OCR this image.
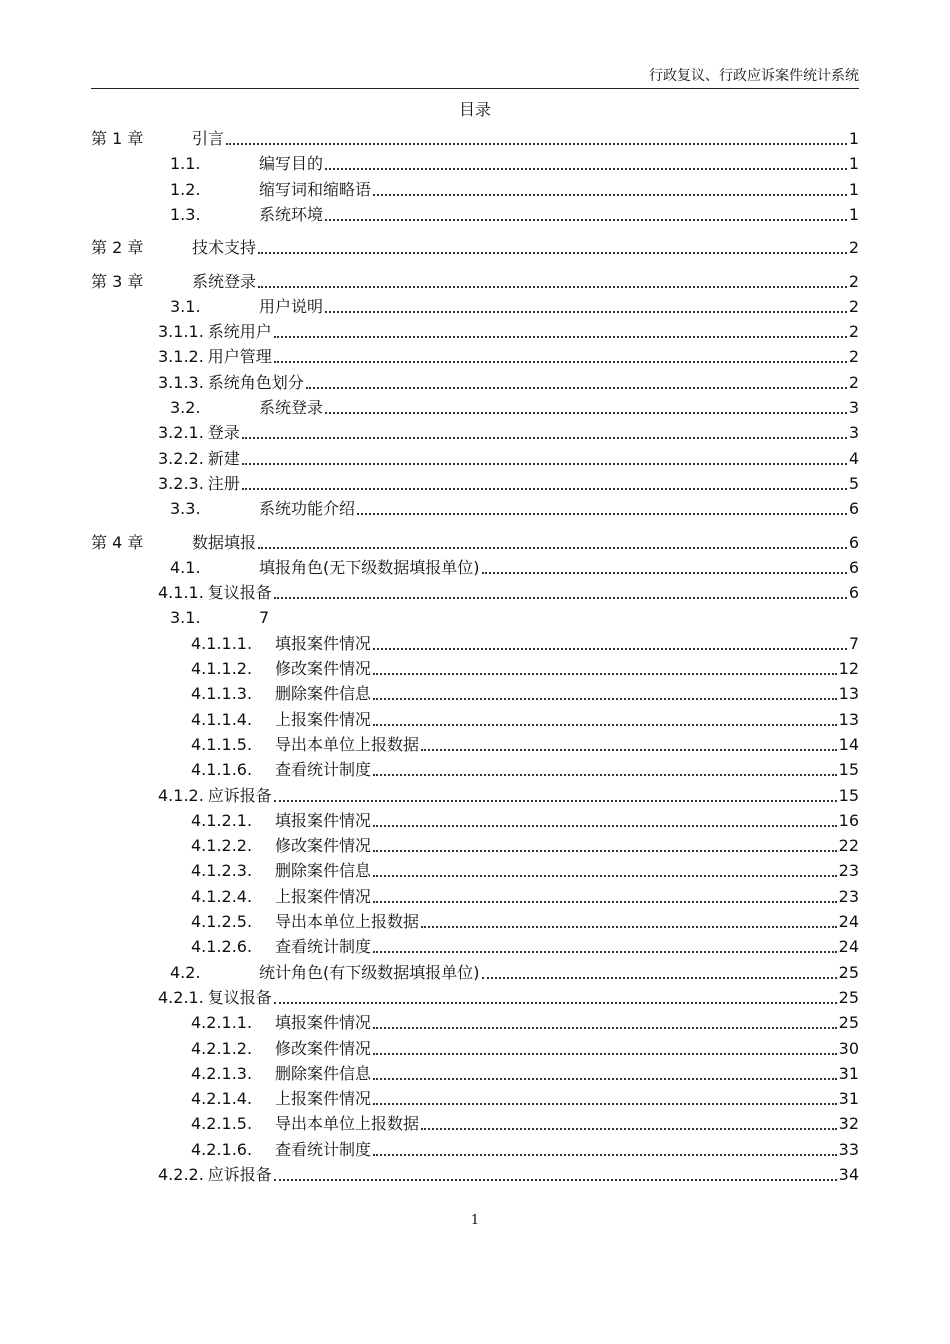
行政复议、行政应诉案件统计系统
目录
第 1 章	引言	1
1.1.	编写目的	1
1.2.	缩写词和缩略语	1
1.3.	系统环境	1
第 2 章	技术支持	2
第 3 章	系统登录	2
3.1.	用户说明	2
3.1.1. 系统用户	2
3.1.2. 用户管理	2
3.1.3. 系统角色划分	2
3.2.	系统登录	3
3.2.1. 登录	3
3.2.2. 新建	4
3.2.3. 注册	5
3.3.	系统功能介绍	6
第 4 章	数据填报	6
4.1.	填报角色(无下级数据填报单位)	6
4.1.1. 复议报备	6
3.1.	7
4.1.1.1.	填报案件情况	7
4.1.1.2.	修改案件情况	12
4.1.1.3.	删除案件信息	13
4.1.1.4.	上报案件情况	13
4.1.1.5.	导出本单位上报数据	14
4.1.1.6.	查看统计制度	15
4.1.2. 应诉报备	15
4.1.2.1.	填报案件情况	16
4.1.2.2.	修改案件情况	22
4.1.2.3.	删除案件信息	23
4.1.2.4.	上报案件情况	23
4.1.2.5.	导出本单位上报数据	24
4.1.2.6.	查看统计制度	24
4.2.	统计角色(有下级数据填报单位)	25
4.2.1. 复议报备	25
4.2.1.1.	填报案件情况	25
4.2.1.2.	修改案件情况	30
4.2.1.3.	删除案件信息	31
4.2.1.4.	上报案件情况	31
4.2.1.5.	导出本单位上报数据	32
4.2.1.6.	查看统计制度	33
4.2.2. 应诉报备	34
1
